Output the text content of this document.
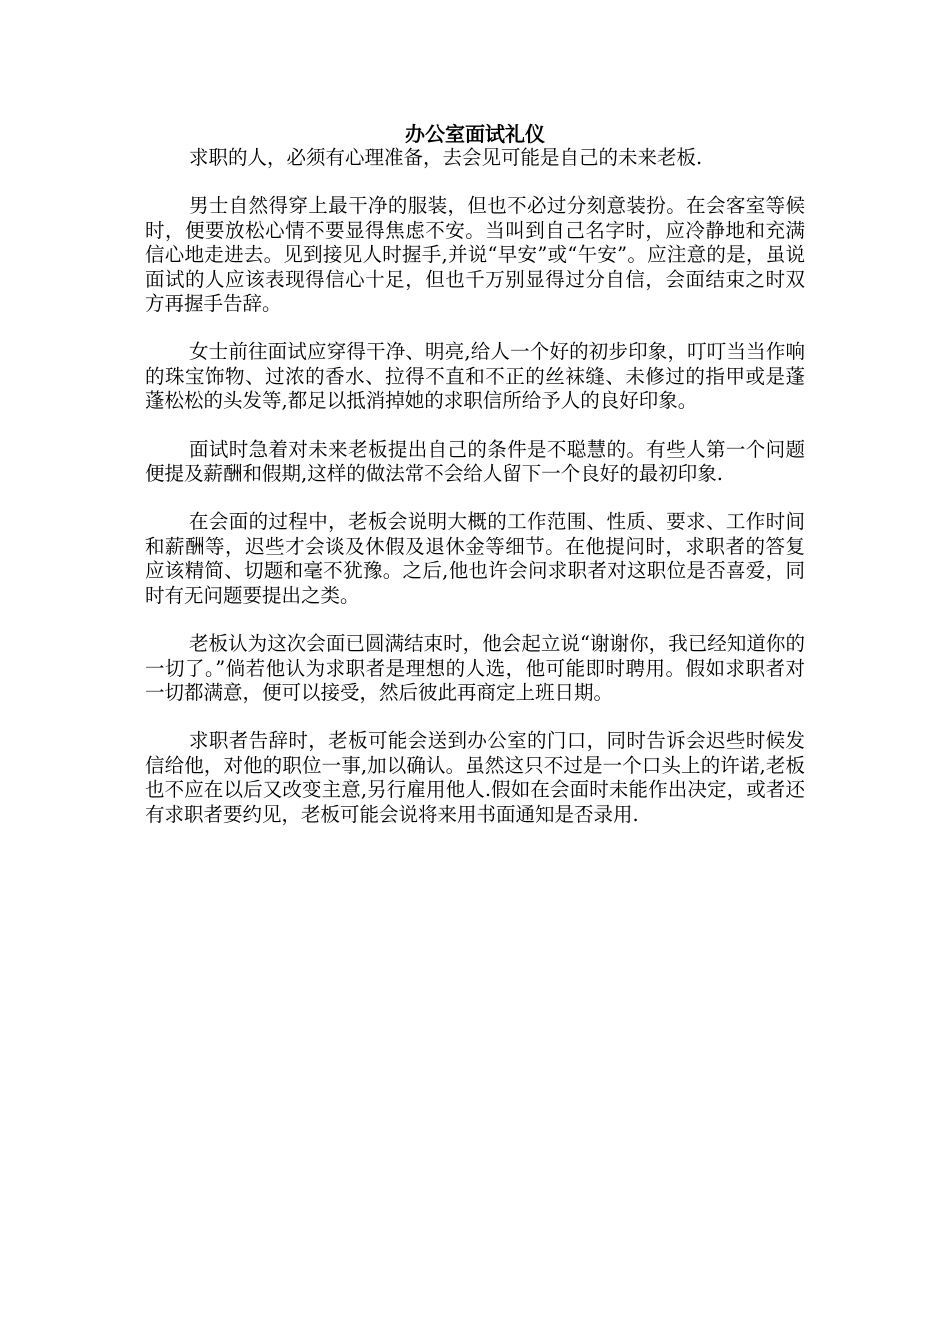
办公室面试礼仪

求职的人，必须有心理准备，去会见可能是自己的未来老板.

男士自然得穿上最干净的服装，但也不必过分刻意装扮。在会客室等候时，便要放松心情不要显得焦虑不安。当叫到自己名字时，应冷静地和充满信心地走进去。见到接见人时握手,并说“早安”或“午安”。应注意的是，虽说面试的人应该表现得信心十足，但也千万别显得过分自信，会面结束之时双方再握手告辞。

女士前往面试应穿得干净、明亮,给人一个好的初步印象，叮叮当当作响的珠宝饰物、过浓的香水、拉得不直和不正的丝袜缝、未修过的指甲或是蓬蓬松松的头发等,都足以抵消掉她的求职信所给予人的良好印象。

面试时急着对未来老板提出自己的条件是不聪慧的。有些人第一个问题便提及薪酬和假期,这样的做法常不会给人留下一个良好的最初印象.

在会面的过程中，老板会说明大概的工作范围、性质、要求、工作时间和薪酬等，迟些才会谈及休假及退休金等细节。在他提问时，求职者的答复应该精简、切题和毫不犹豫。之后,他也许会问求职者对这职位是否喜爱，同时有无问题要提出之类。

老板认为这次会面已圆满结束时，他会起立说“谢谢你，我已经知道你的一切了。”倘若他认为求职者是理想的人选，他可能即时聘用。假如求职者对一切都满意，便可以接受，然后彼此再商定上班日期。

求职者告辞时，老板可能会送到办公室的门口，同时告诉会迟些时候发信给他，对他的职位一事,加以确认。虽然这只不过是一个口头上的许诺,老板也不应在以后又改变主意,另行雇用他人.假如在会面时未能作出决定，或者还有求职者要约见，老板可能会说将来用书面通知是否录用.
